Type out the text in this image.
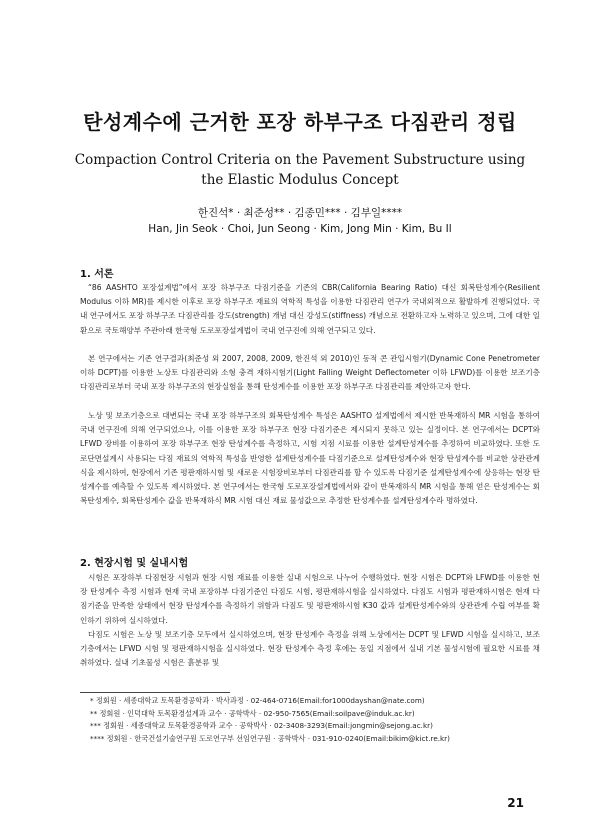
탄성계수에 근거한 포장 하부구조 다짐관리 정립
Compaction Control Criteria on the Pavement Substructure using
the Elastic Modulus Concept
한진석* · 최준성** · 김종민*** · 김부일****
Han, Jin Seok · Choi, Jun Seong · Kim, Jong Min · Kim, Bu Il
1. 서론

“86 AASHTO 포장설계법”에서 포장 하부구조 다짐기준을 기존의 CBR(California Bearing Ratio) 대신 회복탄성계수(Resilient Modulus 이하 MR)를 제시한 이후로 포장 하부구조 재료의 역학적 특성을 이용한 다짐관리 연구가 국내외적으로 활발하게 진행되었다. 국내 연구에서도 포장 하부구조 다짐관리를 강도(strength) 개념 대신 강성도(stiffness) 개념으로 전환하고자 노력하고 있으며, 그에 대한 일환으로 국토해양부 주관아래 한국형 도로포장설계법이 국내 연구진에 의해 연구되고 있다.

본 연구에서는 기존 연구결과(최준성 외 2007, 2008, 2009, 한진석 외 2010)인 동적 콘 관입시험기(Dynamic Cone Penetrometer 이하 DCPT)를 이용한 노상토 다짐관리와 소형 충격 재하시험기(Light Falling Weight Deflectometer 이하 LFWD)를 이용한 보조기층 다짐관리로부터 국내 포장 하부구조의 현장실험을 통해 탄성계수를 이용한 포장 하부구조 다짐관리를 제안하고자 한다.

노상 및 보조기층으로 대변되는 국내 포장 하부구조의 회복탄성계수 특성은 AASHTO 설계법에서 제시한 반복재하식 MR 시험을 통하여 국내 연구진에 의해 연구되었으나, 이를 이용한 포장 하부구조 현장 다짐기준은 제시되지 못하고 있는 실정이다. 본 연구에서는 DCPT와 LFWD 장비를 이용하여 포장 하부구조 현장 탄성계수를 측정하고, 시험 지점 시료를 이용한 설계탄성계수를 추정하여 비교하였다. 또한 도로단면설계시 사용되는 다짐 재료의 역학적 특성을 반영한 설계탄성계수를 다짐기준으로 설계탄성계수와 현장 탄성계수를 비교한 상관관계식을 제시하여, 현장에서 기존 평판재하시험 및 새로운 시험장비로부터 다짐관리를 할 수 있도록 다짐기준 설계탄성계수에 상응하는 현장 탄성계수를 예측할 수 있도록 제시하였다. 본 연구에서는 한국형 도로포장설계법에서와 같이 반복재하식 MR 시험을 통해 얻은 탄성계수는 회복탄성계수, 회복탄성계수 값을 반복재하식 MR 시험 대신 재료 물성값으로 추정한 탄성계수를 설계탄성계수라 명하였다.

2. 현장시험 및 실내시험

시험은 포장하부 다짐현장 시험과 현장 시험 재료를 이용한 실내 시험으로 나누어 수행하였다. 현장 시험은 DCPT와 LFWD를 이용한 현장 탄성계수 측정 시험과 현재 국내 포장하부 다짐기준인 다짐도 시험, 평판재하시험을 실시하였다. 다짐도 시험과 평판재하시험은 현재 다짐기준을 만족한 상태에서 현장 탄성계수를 측정하기 위함과 다짐도 및 평판재하시험 K30 값과 설계탄성계수와의 상관관계 수립 여부를 확인하기 위하여 실시하였다.

다짐도 시험은 노상 및 보조기층 모두에서 실시하였으며, 현장 탄성계수 측정을 위해 노상에서는 DCPT 및 LFWD 시험을 실시하고, 보조기층에서는 LFWD 시험 및 평판재하시험을 실시하였다. 현장 탄성계수 측정 후에는 동일 지점에서 실내 기본 물성시험에 필요한 시료를 채취하였다. 실내 기초물성 시험은 흙분류 및

* 정회원 · 세종대학교 토목환경공학과 · 박사과정 · 02-464-0716(Email:for1000dayshan@nate.com)
** 정회원 · 인덕대학 토목환경설계과 교수 · 공학박사 · 02-950-7565(Email:soilpave@induk.ac.kr)
*** 정회원 · 세종대학교 토목환경공학과 교수 · 공학박사 · 02-3408-3293(Email:jongmin@sejong.ac.kr)
**** 정회원 · 한국건설기술연구원 도로연구부 선임연구원 · 공학박사 · 031-910-0240(Email:bikim@kict.re.kr)
21
